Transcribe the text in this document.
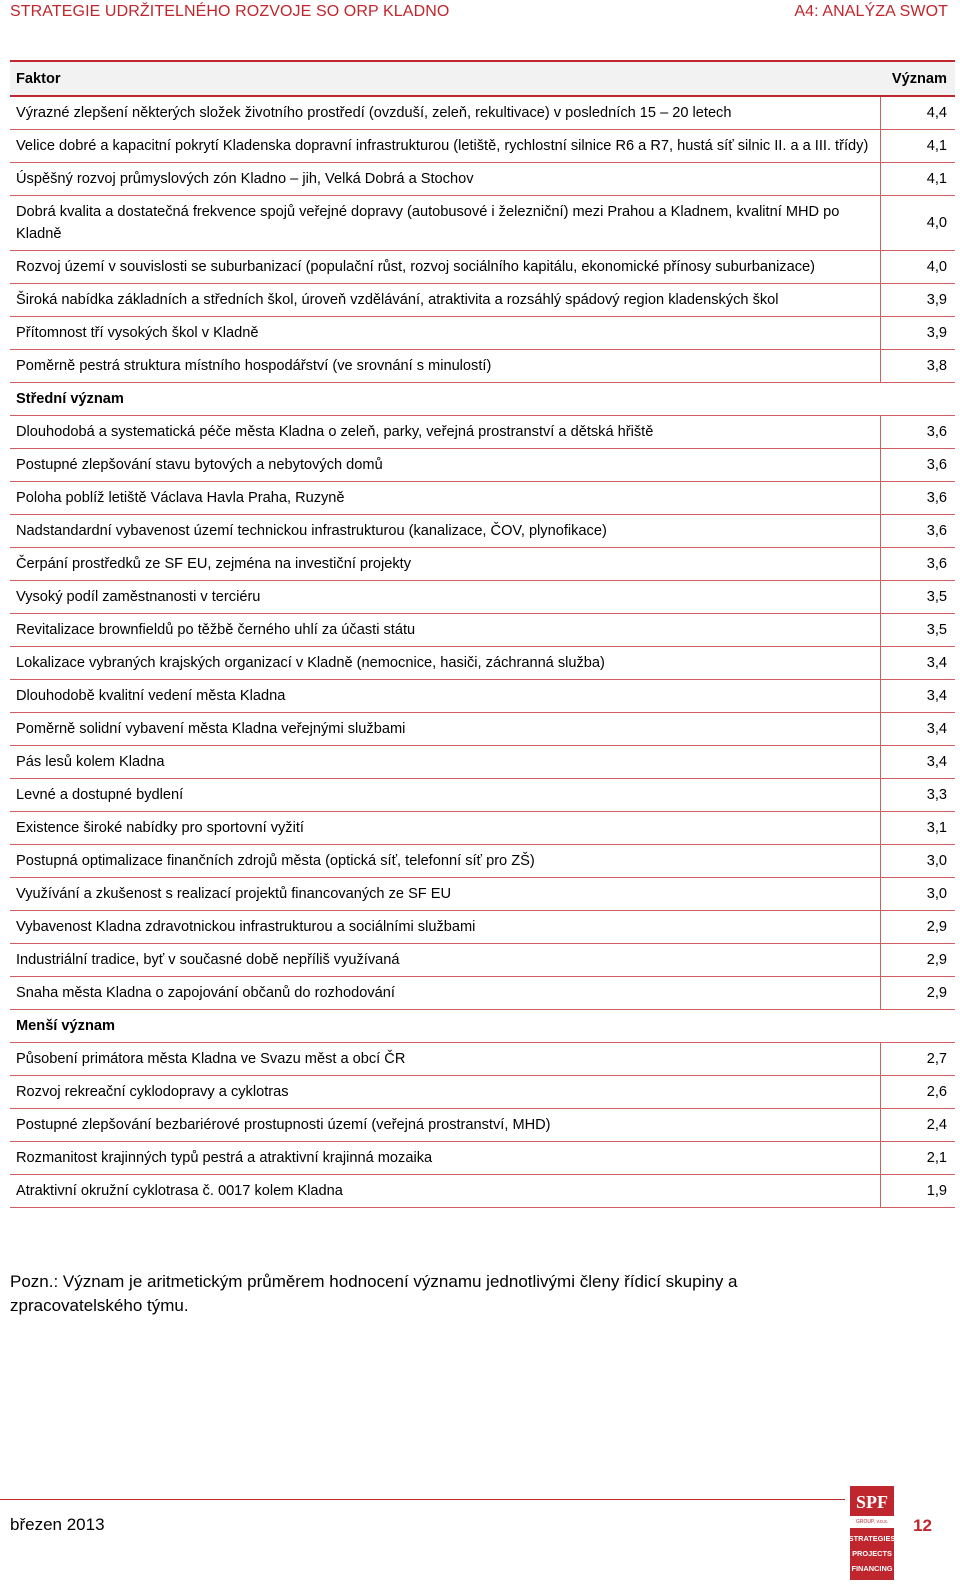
STRATEGIE UDRŽITELNÉHO ROZVOJE SO ORP KLADNO	A4: ANALÝZA SWOT
Faktor	Význam
Výrazné zlepšení některých složek životního prostředí (ovzduší, zeleň, rekultivace) v posledních 15 – 20 letech	4,4
Velice dobré a kapacitní pokrytí Kladenska dopravní infrastrukturou (letiště, rychlostní silnice R6 a R7, hustá síť silnic II. a a III. třídy)	4,1
Úspěšný rozvoj průmyslových zón Kladno – jih, Velká Dobrá a Stochov	4,1
Dobrá kvalita a dostatečná frekvence spojů veřejné dopravy (autobusové i železniční) mezi Prahou a Kladnem, kvalitní MHD po Kladně	4,0
Rozvoj území v souvislosti se suburbanizací (populační růst, rozvoj sociálního kapitálu, ekonomické přínosy suburbanizace)	4,0
Široká nabídka základních a středních škol, úroveň vzdělávání, atraktivita a rozsáhlý spádový region kladenských škol	3,9
Přítomnost tří vysokých škol v Kladně	3,9
Poměrně pestrá struktura místního hospodářství (ve srovnání s minulostí)	3,8
Střední význam	
Dlouhodobá a systematická péče města Kladna o zeleň, parky, veřejná prostranství a dětská hřiště	3,6
Postupné zlepšování stavu bytových a nebytových domů	3,6
Poloha poblíž letiště Václava Havla Praha, Ruzyně	3,6
Nadstandardní vybavenost území technickou infrastrukturou (kanalizace, ČOV, plynofikace)	3,6
Čerpání prostředků ze SF EU, zejména na investiční projekty	3,6
Vysoký podíl zaměstnanosti v terciéru	3,5
Revitalizace brownfieldů po těžbě černého uhlí za účasti státu	3,5
Lokalizace vybraných krajských organizací v Kladně (nemocnice, hasiči, záchranná služba)	3,4
Dlouhodobě kvalitní vedení města Kladna	3,4
Poměrně solidní vybavení města Kladna veřejnými službami	3,4
Pás lesů kolem Kladna	3,4
Levné a dostupné bydlení	3,3
Existence široké nabídky pro sportovní vyžití	3,1
Postupná optimalizace finančních zdrojů města (optická síť, telefonní síť pro ZŠ)	3,0
Využívání a zkušenost s realizací projektů financovaných ze SF EU	3,0
Vybavenost Kladna zdravotnickou infrastrukturou a sociálními službami	2,9
Industriální tradice, byť v současné době nepříliš využívaná	2,9
Snaha města Kladna o zapojování občanů do rozhodování	2,9
Menší význam	
Působení primátora města Kladna ve Svazu měst a obcí ČR	2,7
Rozvoj rekreační cyklodopravy a cyklotras	2,6
Postupné zlepšování bezbariérové prostupnosti území (veřejná prostranství, MHD)	2,4
Rozmanitost krajinných typů pestrá a atraktivní krajinná mozaika	2,1
Atraktivní okružní cyklotrasa č. 0017 kolem Kladna	1,9
Pozn.: Význam je aritmetickým průměrem hodnocení významu jednotlivými členy řídicí skupiny a zpracovatelského týmu.
březen 2013	12
SPF
GROUP, v.o.s.
STRATEGIES
PROJECTS
FINANCING
